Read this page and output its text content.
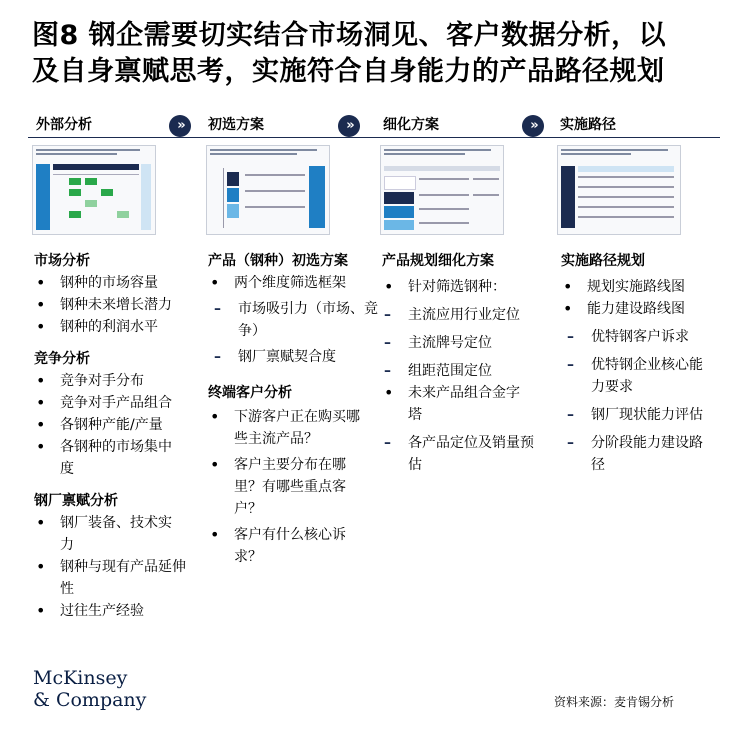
图8 钢企需要切实结合市场洞见、客户数据分析，以
及自身禀赋思考，实施符合自身能力的产品路径规划
外部分析	»	初选方案	»	细化方案	»	实施路径

市场分析

• 钢种的市场容量
• 钢种未来增长潜力
• 钢种的利润水平

竞争分析

• 竞争对手分布
• 竞争对手产品组合
• 各钢种产能/产量
• 各钢种的市场集中度

钢厂禀赋分析

• 钢厂装备、技术实力
• 钢种与现有产品延伸性
• 过往生产经验

产品（钢种）初选方案

• 两个维度筛选框架
– 市场吸引力（市场、竞争）
– 钢厂禀赋契合度

终端客户分析

• 下游客户正在购买哪些主流产品？
• 客户主要分布在哪里？有哪些重点客户？
• 客户有什么核心诉求？

产品规划细化方案

• 针对筛选钢种：
– 主流应用行业定位
– 主流牌号定位
– 组距范围定位
• 未来产品组合金字塔
– 各产品定位及销量预估

实施路径规划

• 规划实施路线图
• 能力建设路线图
– 优特钢客户诉求
– 优特钢企业核心能力要求
– 钢厂现状能力评估
– 分阶段能力建设路径
McKinsey
& Company	资料来源：麦肯锡分析
